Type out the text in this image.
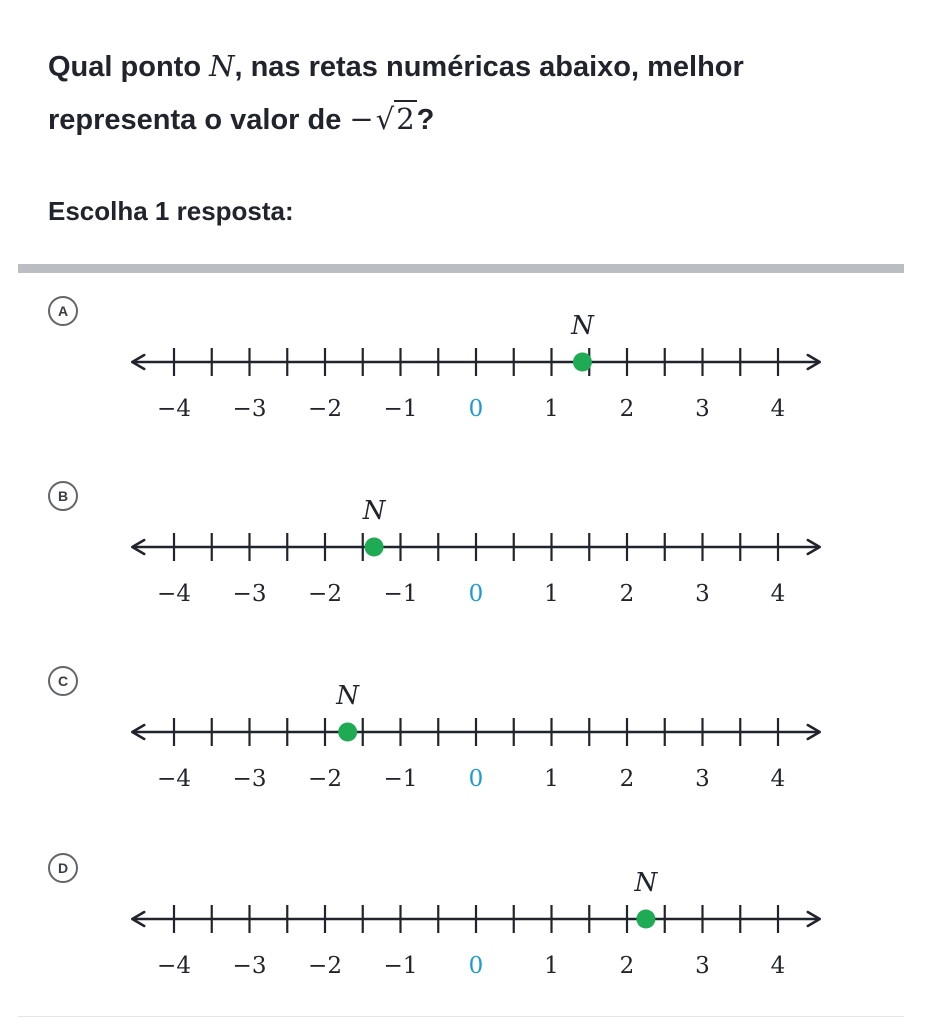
Qual ponto N, nas retas numéricas abaixo, melhor representa o valor de −√2?
Escolha 1 resposta:
A
−4 −3 −2 −1 0	1	2	3	4
N
B
−4 −3 −2 −1 0	1	2	3	4
N
C
−4 −3 −2 −1 0	1	2	3	4
N
D
−4 −3 −2 −1 0	1	2	3	4
N
